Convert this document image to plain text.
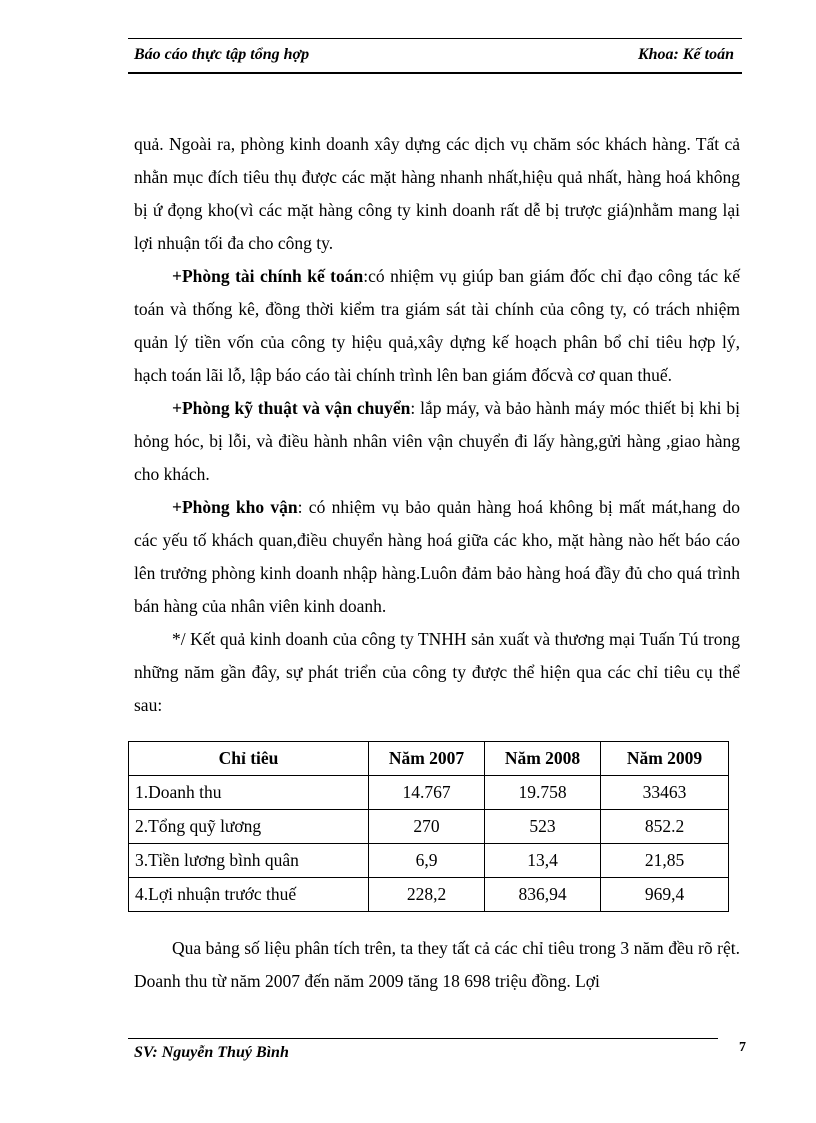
Báo cáo thực tập tổng hợp	Khoa: Kế toán

quả. Ngoài ra, phòng kinh doanh xây dựng các dịch vụ chăm sóc khách hàng. Tất cả nhằn mục đích tiêu thụ được các mặt hàng nhanh nhất,hiệu quả nhất, hàng hoá không bị ứ đọng kho(vì các mặt hàng công ty kinh doanh rất dễ bị trược giá)nhằm mang lại lợi nhuận tối đa cho công ty.

+Phòng tài chính kế toán:có nhiệm vụ giúp ban giám đốc chỉ đạo công tác kế toán và thống kê, đồng thời kiểm tra giám sát tài chính của công ty, có trách nhiệm quản lý tiền vốn của công ty hiệu quả,xây dựng kế hoạch phân bổ chỉ tiêu hợp lý, hạch toán lãi lỗ, lập báo cáo tài chính trình lên ban giám đốcvà cơ quan thuế.

+Phòng kỹ thuật và vận chuyển: lắp máy, và bảo hành máy móc thiết bị khi bị hỏng hóc, bị lỗi, và điều hành nhân viên vận chuyển đi lấy hàng,gửi hàng ,giao hàng cho khách.

+Phòng kho vận: có nhiệm vụ bảo quản hàng hoá không bị mất mát,hang do các yếu tố khách quan,điều chuyển hàng hoá giữa các kho, mặt hàng nào hết báo cáo lên trưởng phòng kinh doanh nhập hàng.Luôn đảm bảo hàng hoá đầy đủ cho quá trình bán hàng của nhân viên kinh doanh.

*/ Kết quả kinh doanh của công ty TNHH sản xuất và thương mại Tuấn Tú trong những năm gần đây, sự phát triển của công ty được thể hiện qua các chỉ tiêu cụ thể sau:

Chỉ tiêu	Năm 2007	Năm 2008	Năm 2009
1.Doanh thu	14.767	19.758	33463
2.Tổng quỹ lương	270	523	852.2
3.Tiền lương bình quân	6,9	13,4	21,85
4.Lợi nhuận trước thuế	228,2	836,94	969,4

Qua bảng số liệu phân tích trên, ta they tất cả các chỉ tiêu trong 3 năm đều rõ rệt. Doanh thu từ năm 2007 đến năm 2009 tăng 18 698 triệu đồng. Lợi

SV: Nguyễn Thuý Bình	7
